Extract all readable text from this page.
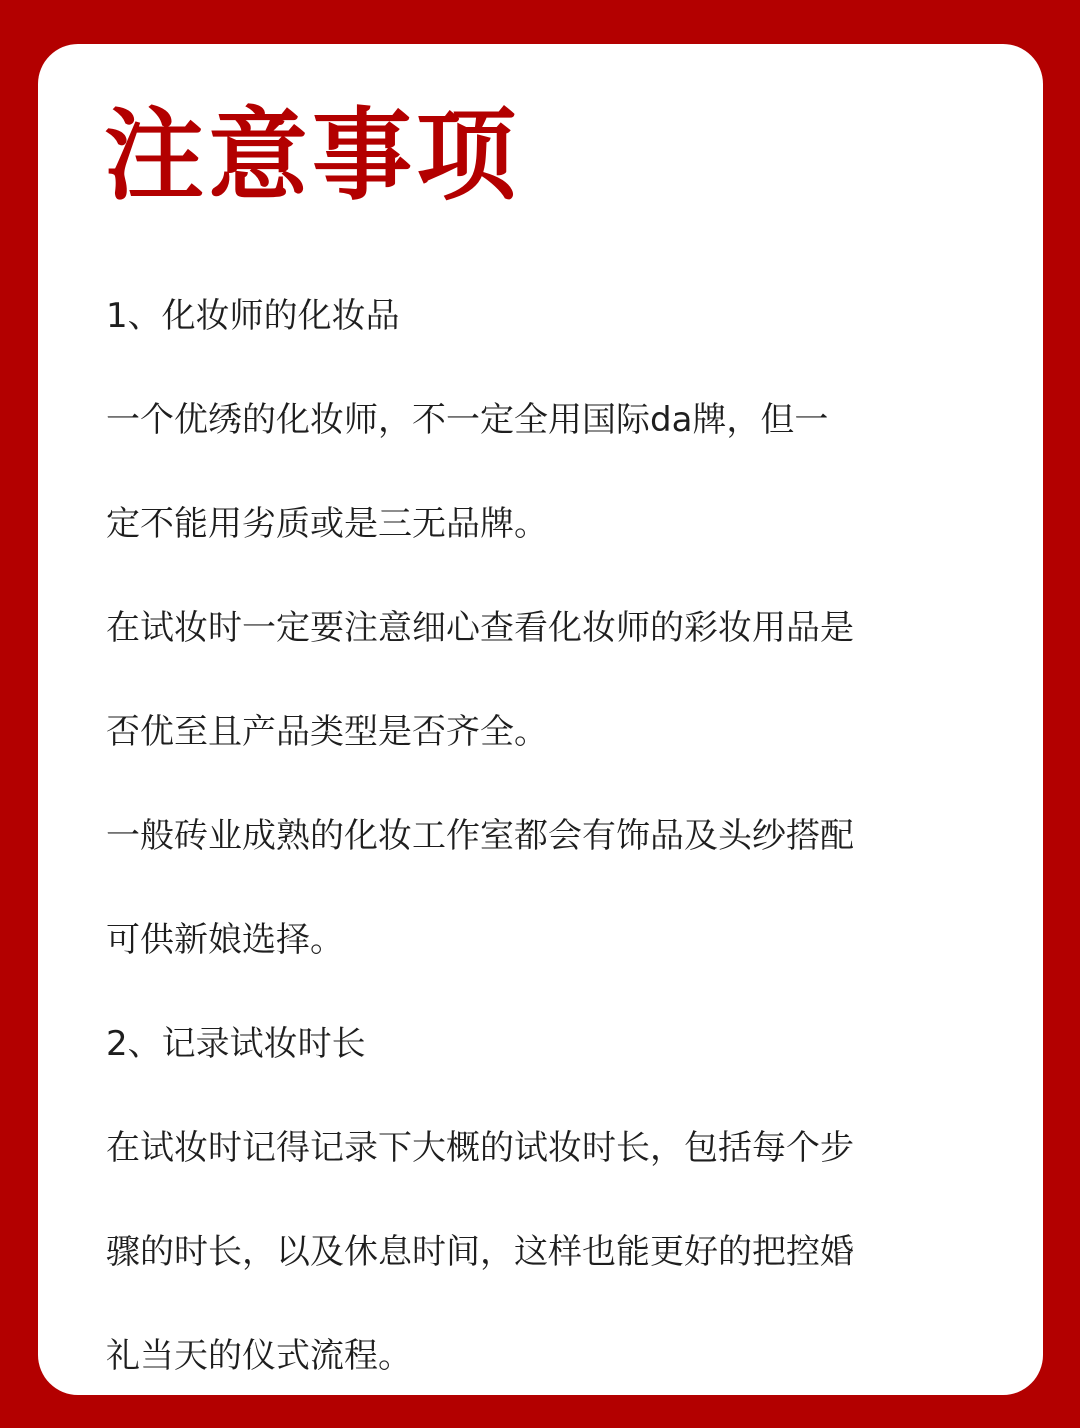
注意事项
1、化妆师的化妆品
一个优绣的化妆师，不一定全用国际da牌，但一
定不能用劣质或是三无品牌。
在试妆时一定要注意细心查看化妆师的彩妆用品是
否优至且产品类型是否齐全。
一般砖业成熟的化妆工作室都会有饰品及头纱搭配
可供新娘选择。
2、记录试妆时长
在试妆时记得记录下大概的试妆时长，包括每个步
骤的时长，以及休息时间，这样也能更好的把控婚
礼当天的仪式流程。
